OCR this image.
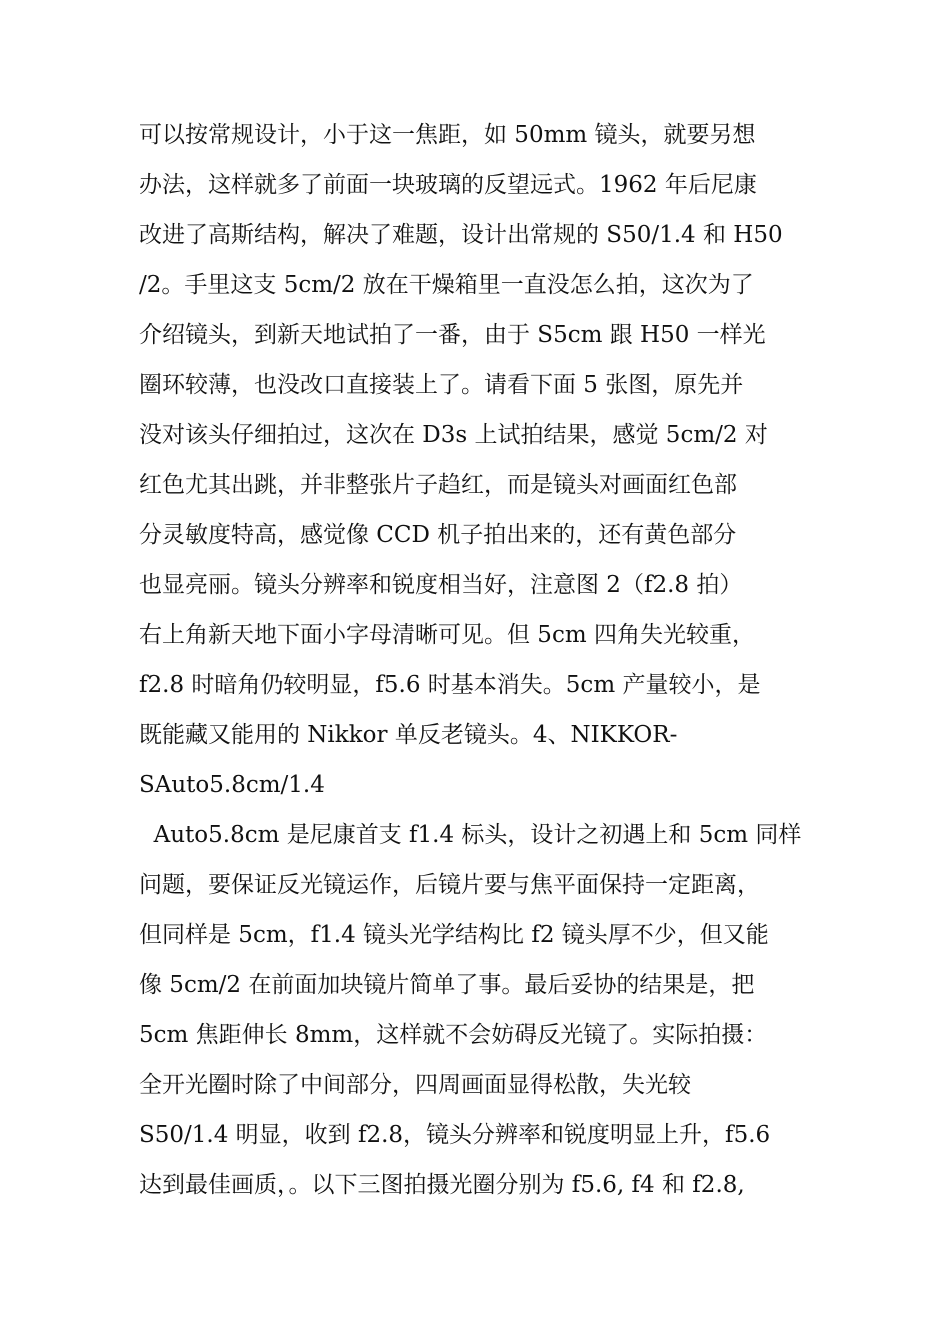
可以按常规设计，小于这一焦距，如 50mm 镜头，就要另想
办法，这样就多了前面一块玻璃的反望远式。1962 年后尼康
改进了高斯结构，解决了难题，设计出常规的 S50/1.4 和 H50
/2。手里这支 5cm/2 放在干燥箱里一直没怎么拍，这次为了
介绍镜头，到新天地试拍了一番，由于 S5cm 跟 H50 一样光
圈环较薄，也没改口直接装上了。请看下面 5 张图，原先并
没对该头仔细拍过，这次在 D3s 上试拍结果，感觉 5cm/2 对
红色尤其出跳，并非整张片子趋红，而是镜头对画面红色部
分灵敏度特高，感觉像 CCD 机子拍出来的，还有黄色部分
也显亮丽。镜头分辨率和锐度相当好，注意图 2（f2.8 拍）
右上角新天地下面小字母清晰可见。但 5cm 四角失光较重，
f2.8 时暗角仍较明显，f5.6 时基本消失。5cm 产量较小，是
既能藏又能用的 Nikkor 单反老镜头。4、NIKKOR-
SAuto5.8cm/1.4
Auto5.8cm 是尼康首支 f1.4 标头，设计之初遇上和 5cm 同样
问题，要保证反光镜运作，后镜片要与焦平面保持一定距离，
但同样是 5cm，f1.4 镜头光学结构比 f2 镜头厚不少，但又能
像 5cm/2 在前面加块镜片简单了事。最后妥协的结果是，把
5cm 焦距伸长 8mm，这样就不会妨碍反光镜了。实际拍摄：
全开光圈时除了中间部分，四周画面显得松散，失光较
S50/1.4 明显，收到 f2.8，镜头分辨率和锐度明显上升，f5.6
达到最佳画质，。以下三图拍摄光圈分别为 f5.6, f4 和 f2.8,
